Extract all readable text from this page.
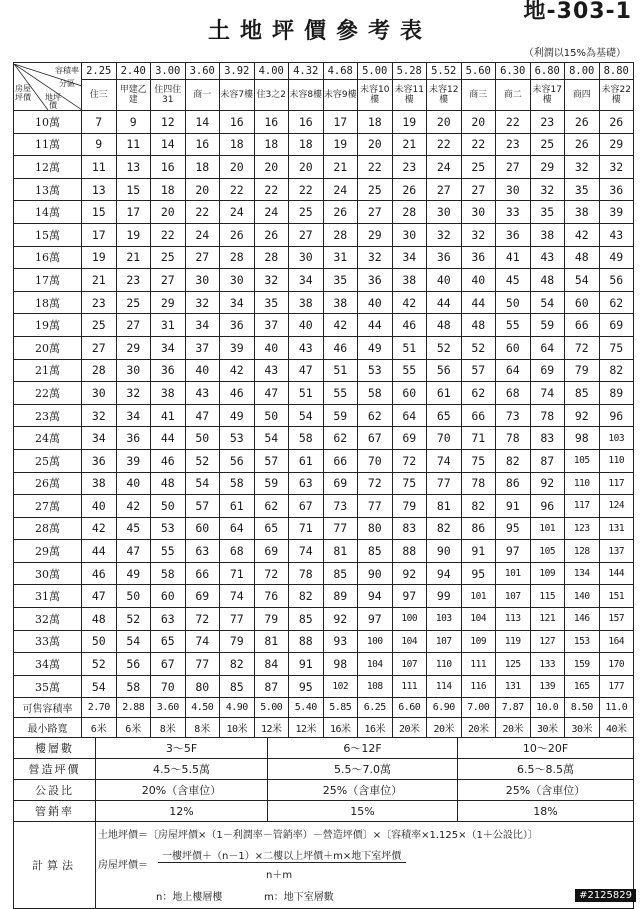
地-303-1
土地坪價參考表
（利潤以15%為基礎）
容積率
分區
房屋坪價 地坪價	2.25	2.40	3.00	3.60	3.92	4.00	4.32	4.68	5.00	5.28	5.52	5.60	6.30	6.80	8.00	8.80
	住三	甲建乙建	住四住31	商一	未容7樓	住3之2	未容8樓	未容9樓	未容10樓	未容11樓	未容12樓	商三	商二	未容17樓	商四	未容22樓
10萬	7	9	12	14	16	16	16	17	18	19	20	20	22	23	26	26
11萬	9	11	14	16	18	18	18	19	20	21	22	22	23	25	26	29
12萬	11	13	16	18	20	20	20	21	22	23	24	25	27	29	32	32
13萬	13	15	18	20	22	22	22	24	25	26	27	27	30	32	35	36
14萬	15	17	20	22	24	24	25	26	27	28	30	30	33	35	38	39
15萬	17	19	22	24	26	26	27	28	29	30	32	32	36	38	42	43
16萬	19	21	25	27	28	28	30	31	32	34	36	36	41	43	48	49
17萬	21	23	27	30	30	32	34	35	36	38	40	40	45	48	54	56
18萬	23	25	29	32	34	35	38	38	40	42	44	44	50	54	60	62
19萬	25	27	31	34	36	37	40	42	44	46	48	48	55	59	66	69
20萬	27	29	34	37	39	40	43	46	49	51	52	52	60	64	72	75
21萬	28	30	36	40	42	43	47	51	53	55	56	57	64	69	79	82
22萬	30	32	38	43	46	47	51	55	58	60	61	62	68	74	85	89
23萬	32	34	41	47	49	50	54	59	62	64	65	66	73	78	92	96
24萬	34	36	44	50	53	54	58	62	67	69	70	71	78	83	98	103
25萬	36	39	46	52	56	57	61	66	70	72	74	75	82	87	105	110
26萬	38	40	48	54	58	59	63	69	72	75	77	78	86	92	110	117
27萬	40	42	50	57	61	62	67	73	77	79	81	82	91	96	117	124
28萬	42	45	53	60	64	65	71	77	80	83	82	86	95	101	123	131
29萬	44	47	55	63	68	69	74	81	85	88	90	91	97	105	128	137
30萬	46	49	58	66	71	72	78	85	90	92	94	95	101	109	134	144
31萬	47	50	60	69	74	76	82	89	94	97	99	101	107	115	140	151
32萬	48	52	63	72	77	79	85	92	97	100	103	104	113	121	146	157
33萬	50	54	65	74	79	81	88	93	100	104	107	109	119	127	153	164
34萬	52	56	67	77	82	84	91	98	104	107	110	111	125	133	159	170
35萬	54	58	70	80	85	87	95	102	108	111	114	116	131	139	165	177
可售容積率	2.70	2.88	3.60	4.50	4.90	5.00	5.40	5.85	6.25	6.60	6.90	7.00	7.87	10.0	8.50	11.0
最小路寬	6米	6米	8米	8米	10米	12米	12米	16米	16米	20米	20米	20米	20米	30米	30米	40米
樓層數	3～5F	6～12F	10～20F
營造坪價	4.5～5.5萬	5.5～7.0萬	6.5～8.5萬
公設比	20%（含車位）	25%（含車位）	25%（含車位）
管銷率	12%	15%	18%
計算法	
土地坪價＝〔房屋坪價×（1－利潤率－管銷率）－營造坪價〕×〔容積率×1.125×（1＋公設比）〕
房屋坪價＝
一樓坪價＋（n－1）×二樓以上坪價＋m×地下室坪價
n＋m
n：地上樓層樓	m：地下室層數	#2125829
